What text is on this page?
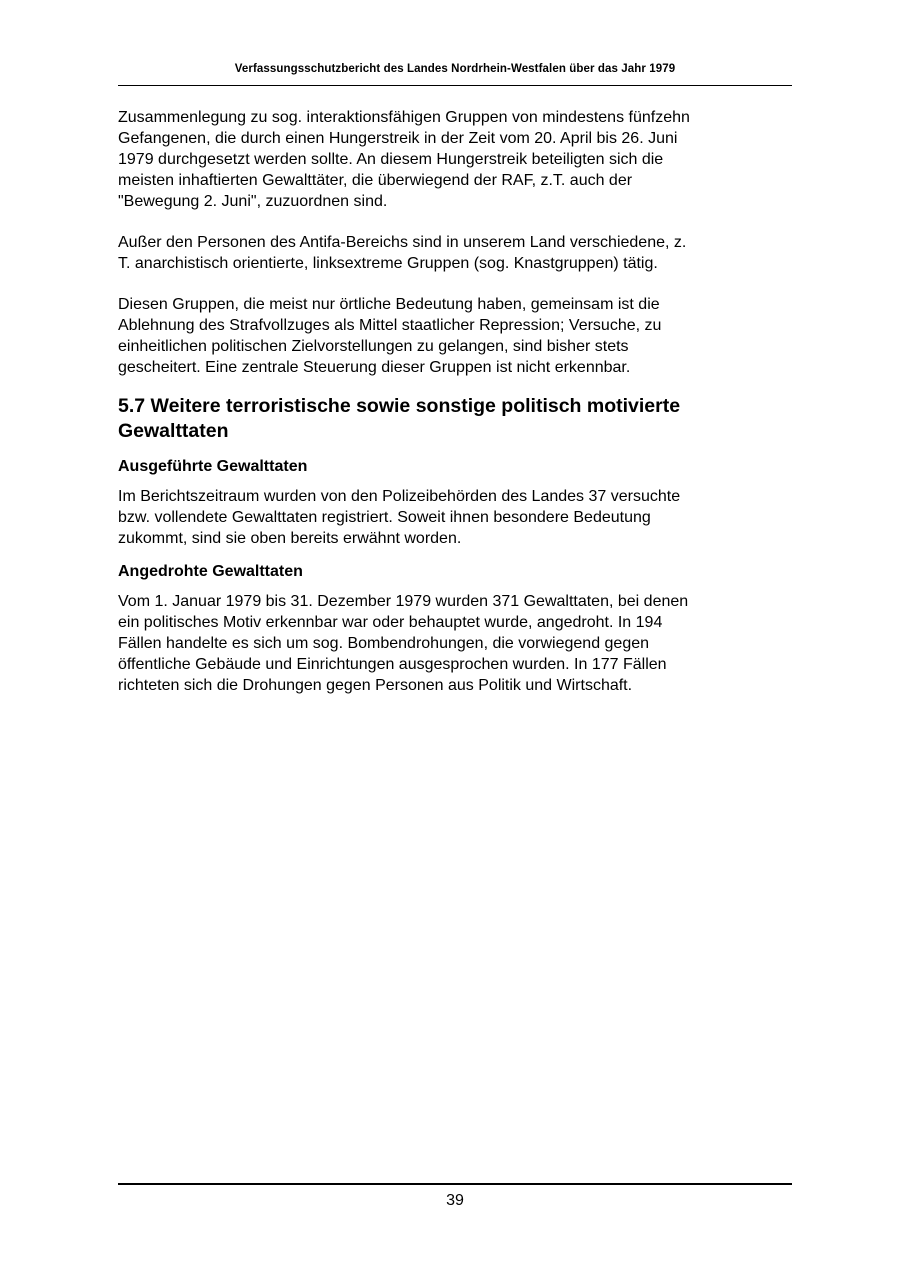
Verfassungsschutzbericht des Landes Nordrhein-Westfalen über das Jahr 1979

Zusammenlegung zu sog. interaktionsfähigen Gruppen von mindestens fünfzehn
Gefangenen, die durch einen Hungerstreik in der Zeit vom 20. April bis 26. Juni
1979 durchgesetzt werden sollte. An diesem Hungerstreik beteiligten sich die
meisten inhaftierten Gewalttäter, die überwiegend der RAF, z.T. auch der
"Bewegung 2. Juni", zuzuordnen sind.

Außer den Personen des Antifa-Bereichs sind in unserem Land verschiedene, z.
T. anarchistisch orientierte, linksextreme Gruppen (sog. Knastgruppen) tätig.

Diesen Gruppen, die meist nur örtliche Bedeutung haben, gemeinsam ist die
Ablehnung des Strafvollzuges als Mittel staatlicher Repression; Versuche, zu
einheitlichen politischen Zielvorstellungen zu gelangen, sind bisher stets
gescheitert. Eine zentrale Steuerung dieser Gruppen ist nicht erkennbar.

5.7 Weitere terroristische sowie sonstige politisch motivierte
Gewalttaten
Ausgeführte Gewalttaten

Im Berichtszeitraum wurden von den Polizeibehörden des Landes 37 versuchte
bzw. vollendete Gewalttaten registriert. Soweit ihnen besondere Bedeutung
zukommt, sind sie oben bereits erwähnt worden.

Angedrohte Gewalttaten

Vom 1. Januar 1979 bis 31. Dezember 1979 wurden 371 Gewalttaten, bei denen
ein politisches Motiv erkennbar war oder behauptet wurde, angedroht. In 194
Fällen handelte es sich um sog. Bombendrohungen, die vorwiegend gegen
öffentliche Gebäude und Einrichtungen ausgesprochen wurden. In 177 Fällen
richteten sich die Drohungen gegen Personen aus Politik und Wirtschaft.

39
